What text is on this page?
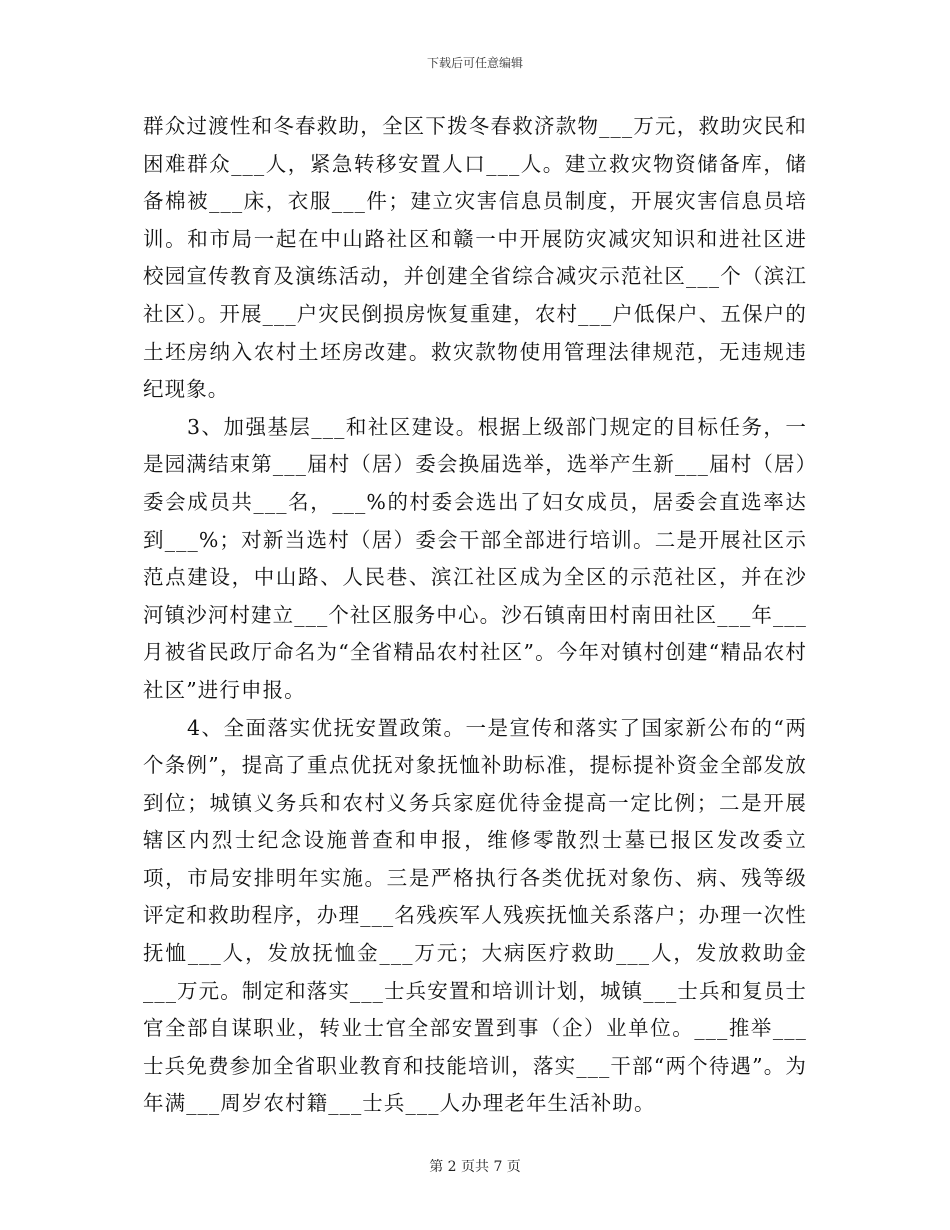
下载后可任意编辑

群众过渡性和冬春救助，全区下拨冬春救济款物___万元，救助灾民和困难群众___人，紧急转移安置人口___人。建立救灾物资储备库，储备棉被___床，衣服___件；建立灾害信息员制度，开展灾害信息员培训。和市局一起在中山路社区和赣一中开展防灾减灾知识和进社区进校园宣传教育及演练活动，并创建全省综合减灾示范社区___个（滨江社区）。开展___户灾民倒损房恢复重建，农村___户低保户、五保户的土坯房纳入农村土坯房改建。救灾款物使用管理法律规范，无违规违纪现象。

3、加强基层___和社区建设。根据上级部门规定的目标任务，一是园满结束第___届村（居）委会换届选举，选举产生新___届村（居）委会成员共___名，___%的村委会选出了妇女成员，居委会直选率达到___%；对新当选村（居）委会干部全部进行培训。二是开展社区示范点建设，中山路、人民巷、滨江社区成为全区的示范社区，并在沙河镇沙河村建立___个社区服务中心。沙石镇南田村南田社区___年___月被省民政厅命名为“全省精品农村社区”。今年对镇村创建“精品农村社区”进行申报。

4、全面落实优抚安置政策。一是宣传和落实了国家新公布的“两个条例”，提高了重点优抚对象抚恤补助标准，提标提补资金全部发放到位；城镇义务兵和农村义务兵家庭优待金提高一定比例；二是开展辖区内烈士纪念设施普查和申报，维修零散烈士墓已报区发改委立项，市局安排明年实施。三是严格执行各类优抚对象伤、病、残等级评定和救助程序，办理___名残疾军人残疾抚恤关系落户；办理一次性抚恤___人，发放抚恤金___万元；大病医疗救助___人，发放救助金___万元。制定和落实___士兵安置和培训计划，城镇___士兵和复员士官全部自谋职业，转业士官全部安置到事（企）业单位。___推举___士兵免费参加全省职业教育和技能培训，落实___干部“两个待遇”。为年满___周岁农村籍___士兵___人办理老年生活补助。

第 2 页共 7 页
